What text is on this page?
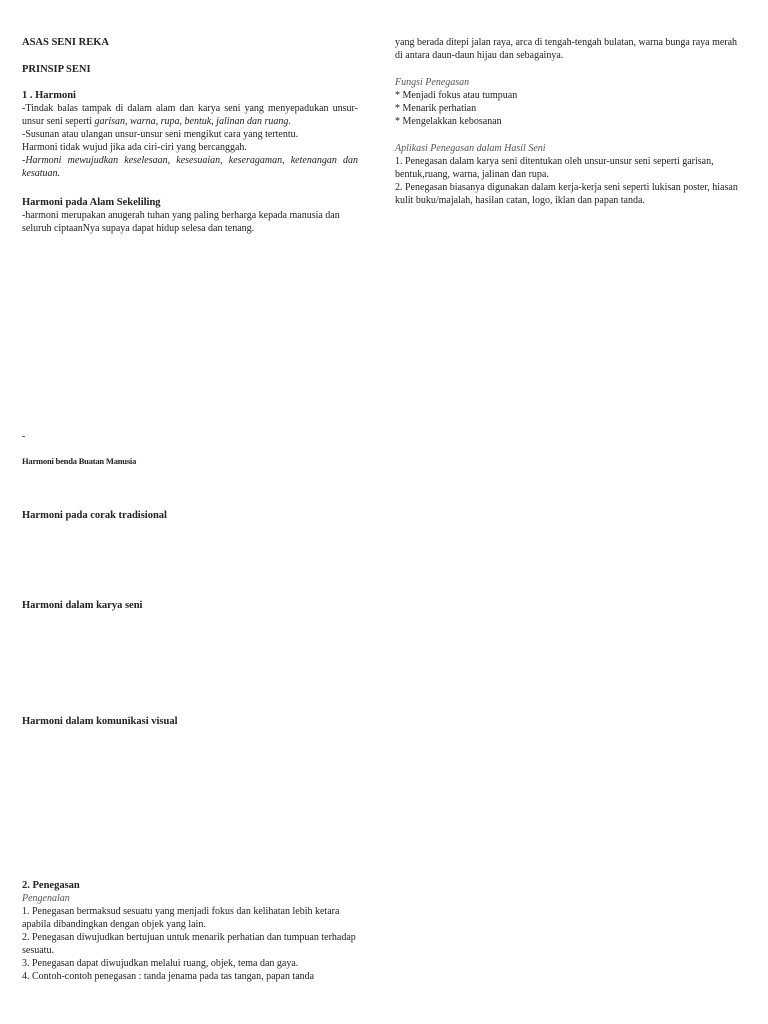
ASAS SENI REKA

PRINSIP SENI

1 . Harmoni

-Tindak balas tampak di dalam alam dan karya seni yang menyepadukan unsur-unsur seni seperti garisan, warna, rupa, bentuk, jalinan dan ruang.

-Susunan atau ulangan unsur-unsur seni mengikut cara yang tertentu.

Harmoni tidak wujud jika ada ciri-ciri yang bercanggah.

-Harmoni mewujudkan keselesaan, kesesuaian, keseragaman, ketenangan dan kesatuan.

Harmoni pada Alam Sekeliling

-harmoni merupakan anugerah tuhan yang paling berharga kepada manusia dan seluruh ciptaanNya supaya dapat hidup selesa dan tenang.

-

Harmoni benda Buatan Manusia

Harmoni pada corak tradisional

Harmoni dalam karya seni

Harmoni dalam komunikasi visual

2. Penegasan

Pengenalan

1. Penegasan bermaksud sesuatu yang menjadi fokus dan kelihatan lebih ketara apabila dibandingkan dengan objek yang lain.

2. Penegasan diwujudkan bertujuan untuk menarik perhatian dan tumpuan terhadap sesuatu.

3. Penegasan dapat diwujudkan melalui ruang, objek, tema dan gaya.

4. Contoh-contoh penegasan : tanda jenama pada tas tangan, papan tanda

yang berada ditepi jalan raya, arca di tengah-tengah bulatan, warna bunga raya merah di antara daun-daun hijau dan sebagainya.

Fungsi Penegasan

* Menjadi fokus atau tumpuan

* Menarik perhatian

* Mengelakkan kebosanan

Aplikasi Penegasan dalam Hasil Seni

1. Penegasan dalam karya seni ditentukan oleh unsur-unsur seni seperti garisan, bentuk,ruang, warna, jalinan dan rupa.

2. Penegasan biasanya digunakan dalam kerja-kerja seni seperti lukisan poster, hiasan kulit buku/majalah, hasilan catan, logo, iklan dan papan tanda.
